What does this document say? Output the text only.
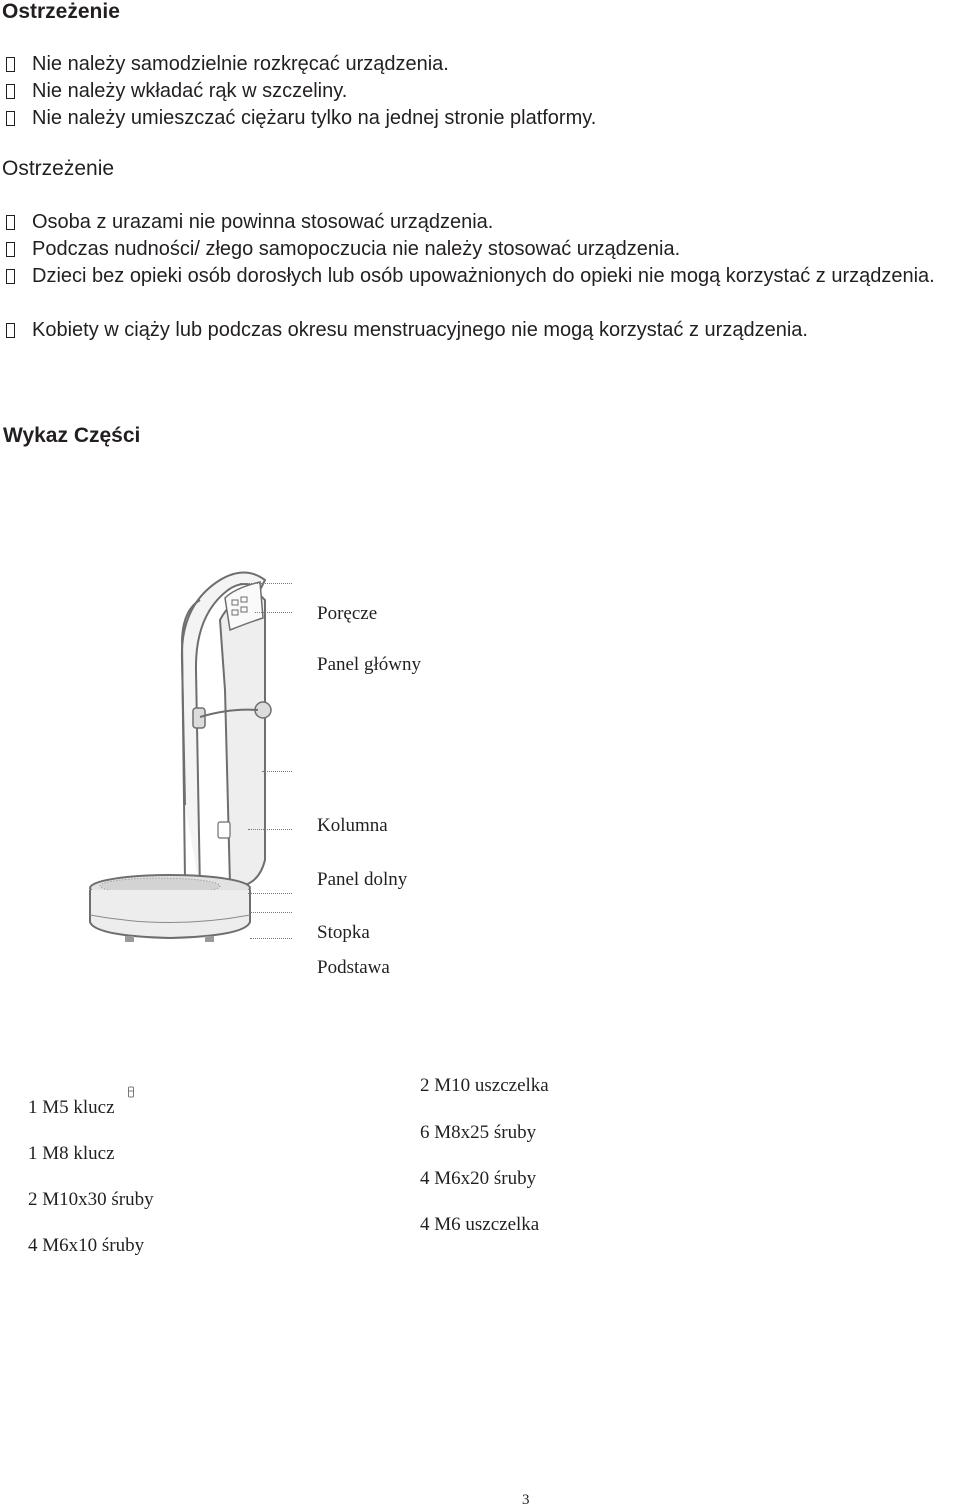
Ostrzeżenie
Nie należy samodzielnie rozkręcać urządzenia.
Nie należy wkładać rąk w szczeliny.
Nie należy umieszczać ciężaru tylko na jednej stronie platformy.
Ostrzeżenie
Osoba z urazami nie powinna stosować urządzenia.
Podczas nudności/ złego samopoczucia nie należy stosować urządzenia.
Dzieci bez opieki osób dorosłych lub osób upoważnionych do opieki nie mogą korzystać z urządzenia.
Kobiety w ciąży lub podczas okresu menstruacyjnego nie mogą korzystać z urządzenia.
Wykaz Części
Poręcze
Panel główny
Kolumna
Panel dolny
Stopka
Podstawa
1 M5 klucz
1 M8 klucz
2 M10x30 śruby
4 M6x10 śruby
2 M10 uszczelka
6 M8x25 śruby
4 M6x20 śruby
4 M6 uszczelka
3
